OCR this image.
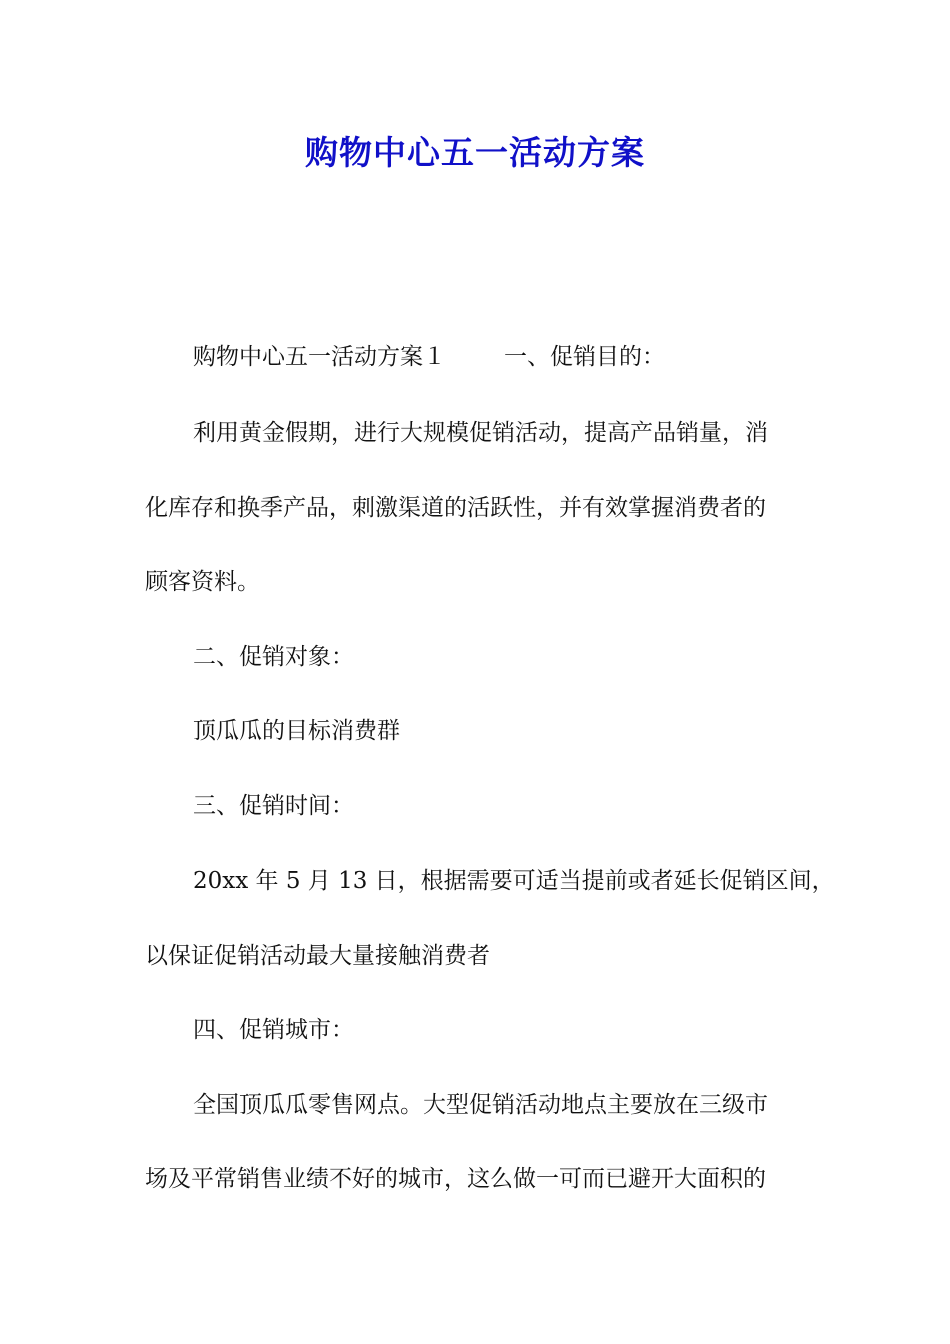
购物中心五一活动方案

购物中心五一活动方案１	一、促销目的：

利用黄金假期，进行大规模促销活动，提高产品销量，消

化库存和换季产品，刺激渠道的活跃性，并有效掌握消费者的

顾客资料。

二、促销对象：

顶瓜瓜的目标消费群

三、促销时间：

20xx 年 5 月 13 日，根据需要可适当提前或者延长促销区间，

以保证促销活动最大量接触消费者

四、促销城市：

全国顶瓜瓜零售网点。大型促销活动地点主要放在三级市

场及平常销售业绩不好的城市，这么做一可而已避开大面积的
